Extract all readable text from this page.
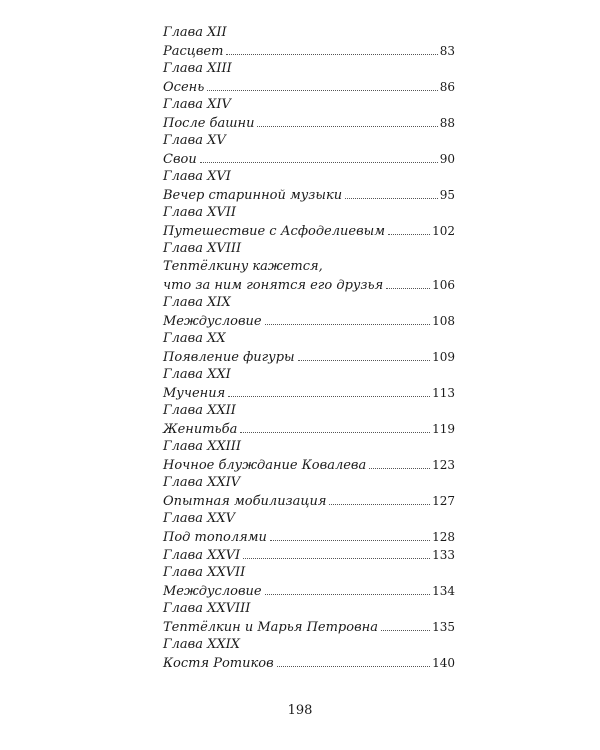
Глава XII
Расцвет	83
Глава XIII
Осень	86
Глава XIV
После башни	88
Глава XV
Свои	90
Глава XVI
Вечер старинной музыки	95
Глава XVII
Путешествие с Асфоделиевым	102
Глава XVIII
Тептёлкину кажется,
что за ним гонятся его друзья	106
Глава XIX
Междусловие	108
Глава XX
Появление фигуры	109
Глава XXI
Мучения	113
Глава XXII
Женитьба	119
Глава XXIII
Ночное блуждание Ковалева	123
Глава XXIV
Опытная мобилизация	127
Глава XXV
Под тополями	128
Глава XXVI	133
Глава XXVII
Междусловие	134
Глава XXVIII
Тептёлкин и Марья Петровна	135
Глава XXIX
Костя Ротиков	140
198
